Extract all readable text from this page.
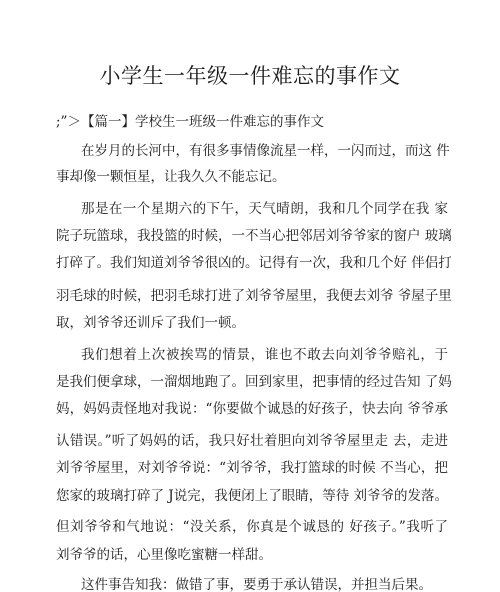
小学生一年级一件难忘的事作文
;”＞【篇一】学校生一班级一件难忘的事作文
在岁月的长河中，有很多事情像流星一样，一闪而过，而这 件
事却像一颗恒星，让我久久不能忘记。
那是在一个星期六的下午，天气晴朗，我和几个同学在我 家
院子玩篮球，我投篮的时候，一不当心把邻居刘爷爷家的窗户 玻璃
打碎了。我们知道刘爷爷很凶的。记得有一次，我和几个好 伴侣打
羽毛球的时候，把羽毛球打进了刘爷爷屋里，我便去刘爷 爷屋子里
取，刘爷爷还训斥了我们一顿。
我们想着上次被挨骂的情景，谁也不敢去向刘爷爷赔礼，于
是我们便拿球，一溜烟地跑了。回到家里，把事情的经过告知 了妈
妈，妈妈责怪地对我说：“你要做个诚恳的好孩子，快去向 爷爷承
认错误。”听了妈妈的话，我只好壮着胆向刘爷爷屋里走 去，走进
刘爷爷屋里，对刘爷爷说：“刘爷爷，我打篮球的时候 不当心，把
您家的玻璃打碎了 J说完，我便闭上了眼睛，等待 刘爷爷的发落。
但刘爷爷和气地说：“没关系，你真是个诚恳的 好孩子。”我听了
刘爷爷的话，心里像吃蜜糖一样甜。
这件事告知我：做错了事，要勇于承认错误，并担当后果。
